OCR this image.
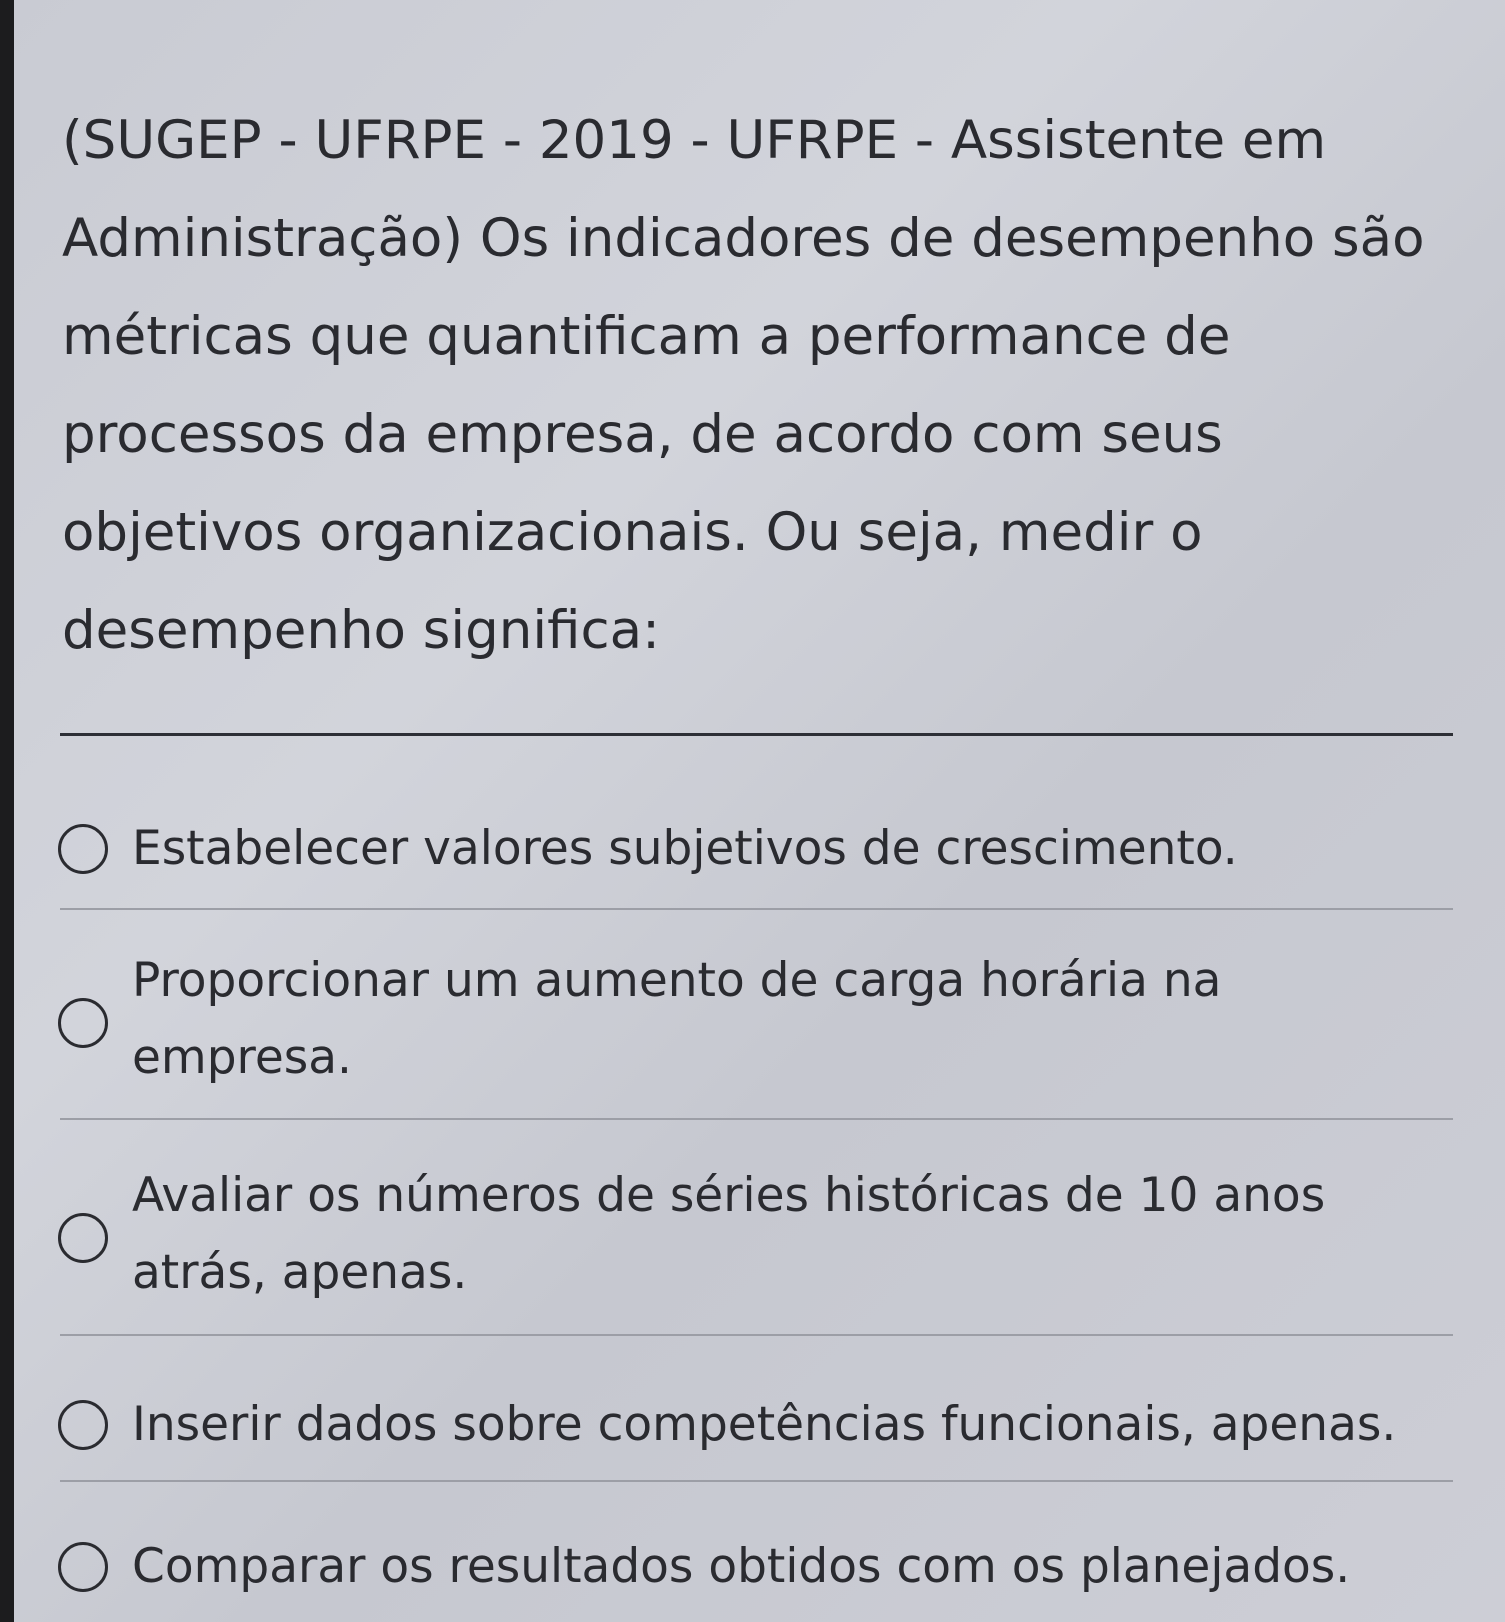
(SUGEP - UFRPE - 2019 - UFRPE - Assistente em Administração) Os indicadores de desempenho são métricas que quantificam a performance de processos da empresa, de acordo com seus objetivos organizacionais. Ou seja, medir o desempenho significa:

Estabelecer valores subjetivos de crescimento.
Proporcionar um aumento de carga horária na empresa.
Avaliar os números de séries históricas de 10 anos atrás, apenas.
Inserir dados sobre competências funcionais, apenas.
Comparar os resultados obtidos com os planejados.
